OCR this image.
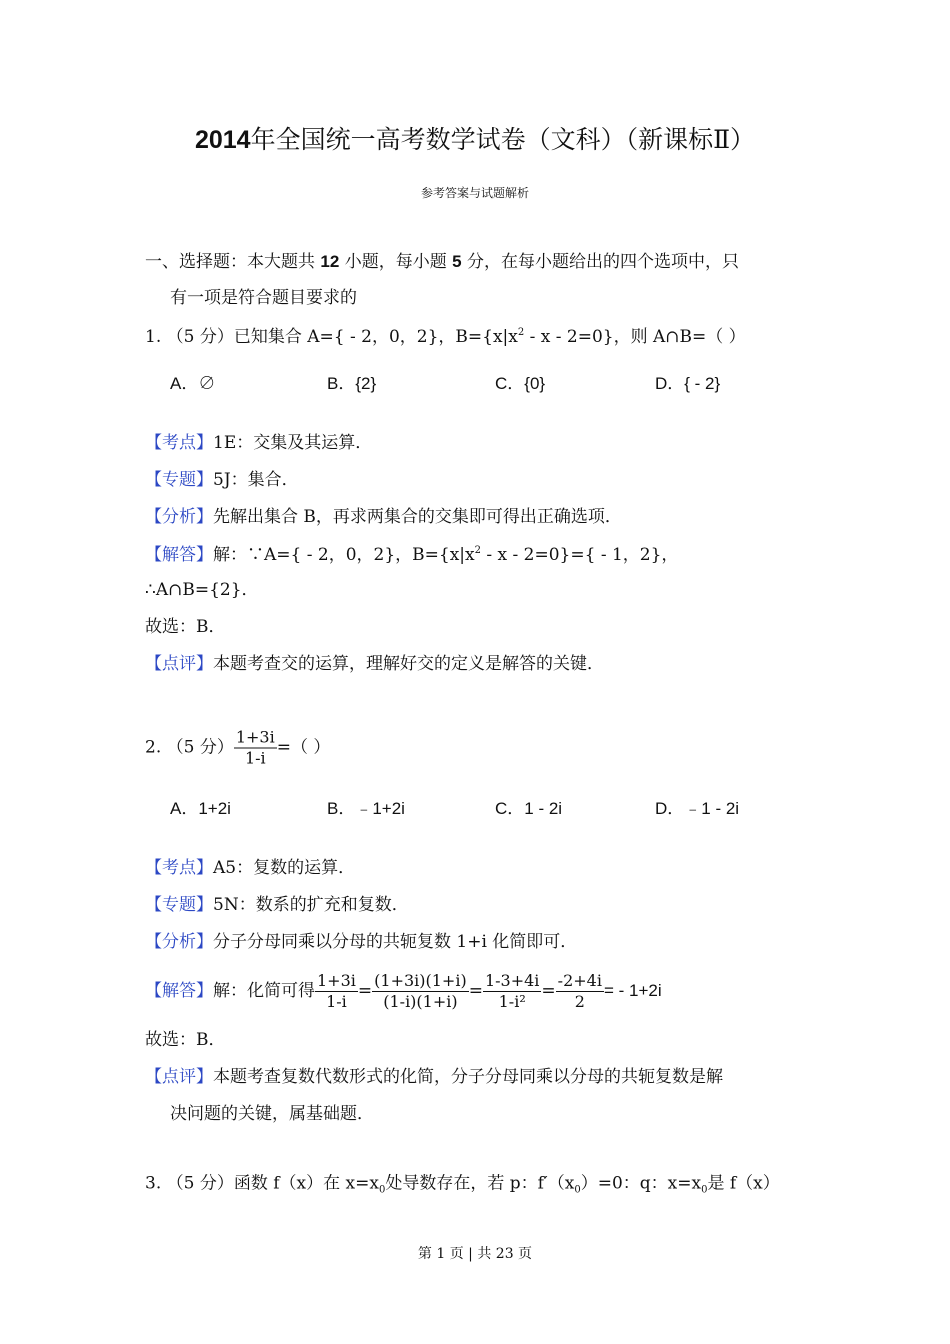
2014年全国统一高考数学试卷（文科）（新课标Ⅱ）
参考答案与试题解析
一、选择题：本大题共 12 小题，每小题 5 分，在每小题给出的四个选项中，只
有一项是符合题目要求的
1. （5 分）已知集合 A={ - 2，0，2}，$B=\{x|x^2 - x - 2=0\}$，则 A∩B=（ ）
A．∅	B．{2}	C．{0}	D．{ - 2}
【考点】1E：交集及其运算．
【专题】5J：集合．
【分析】先解出集合 B，再求两集合的交集即可得出正确选项．
【解答】解：∵A={ - 2，0，2}，$B=\{x|x^2 - x - 2=0\}=\{ - 1$，2}，
∴A∩B={2}．
故选：B．
【点评】本题考查交的运算，理解好交的定义是解答的关键．
2. （5 分） $\frac{1+3i}{1-i}$ =（ ）
A．1+2i	B．﹣1+2i	C．1 - 2i	D．﹣1 - 2i
【考点】A5：复数的运算．
【专题】5N：数系的扩充和复数．
【分析】分子分母同乘以分母的共轭复数 1+i 化简即可．
【解答】解：化简可得 $\frac{1+3i}{1-i} = \frac{(1+3i)(1+i)}{(1-i)(1+i)} = \frac{1-3+4i}{\text{1-i²}} = \frac{-2+4i}{2}$ = - 1+2i
故选：B．
【点评】本题考查复数代数形式的化简，分子分母同乘以分母的共轭复数是解
决问题的关键，属基础题．
3. （5 分）函数 f（x）在 $x=x_0$处导数存在，若 p：$f'(x_0)=0$：q：$x=x_0$是 f（x）
第 1 页 | 共 23 页
